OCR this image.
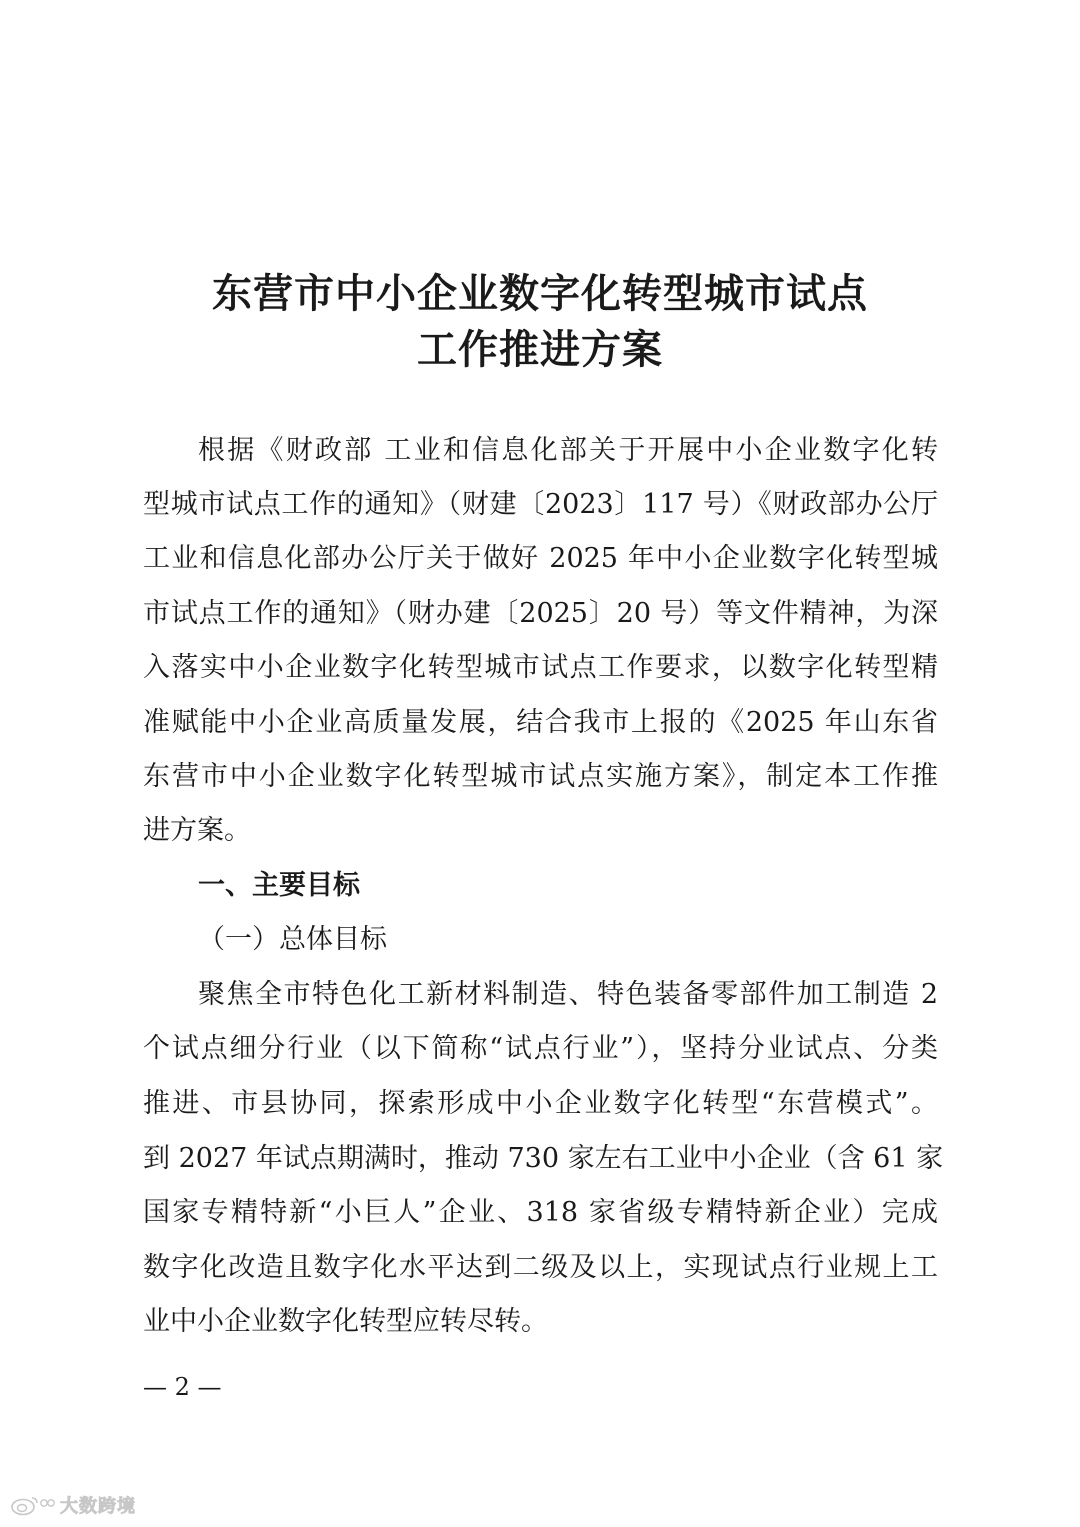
东营市中小企业数字化转型城市试点
工作推进方案
根据《财政部 工业和信息化部关于开展中小企业数字化转
型城市试点工作的通知》（财建〔2023〕117 号）《财政部办公厅
工业和信息化部办公厅关于做好 2025 年中小企业数字化转型城
市试点工作的通知》（财办建〔2025〕20 号）等文件精神，为深
入落实中小企业数字化转型城市试点工作要求，以数字化转型精
准赋能中小企业高质量发展，结合我市上报的《2025 年山东省
东营市中小企业数字化转型城市试点实施方案》，制定本工作推
进方案。
一、主要目标
（一）总体目标
聚焦全市特色化工新材料制造、特色装备零部件加工制造 2
个试点细分行业（以下简称“试点行业”），坚持分业试点、分类
推进、市县协同，探索形成中小企业数字化转型“东营模式”。
到 2027 年试点期满时，推动 730 家左右工业中小企业（含 61 家
国家专精特新“小巨人”企业、318 家省级专精特新企业）完成
数字化改造且数字化水平达到二级及以上，实现试点行业规上工
业中小企业数字化转型应转尽转。
— 2 —
大数跨境
